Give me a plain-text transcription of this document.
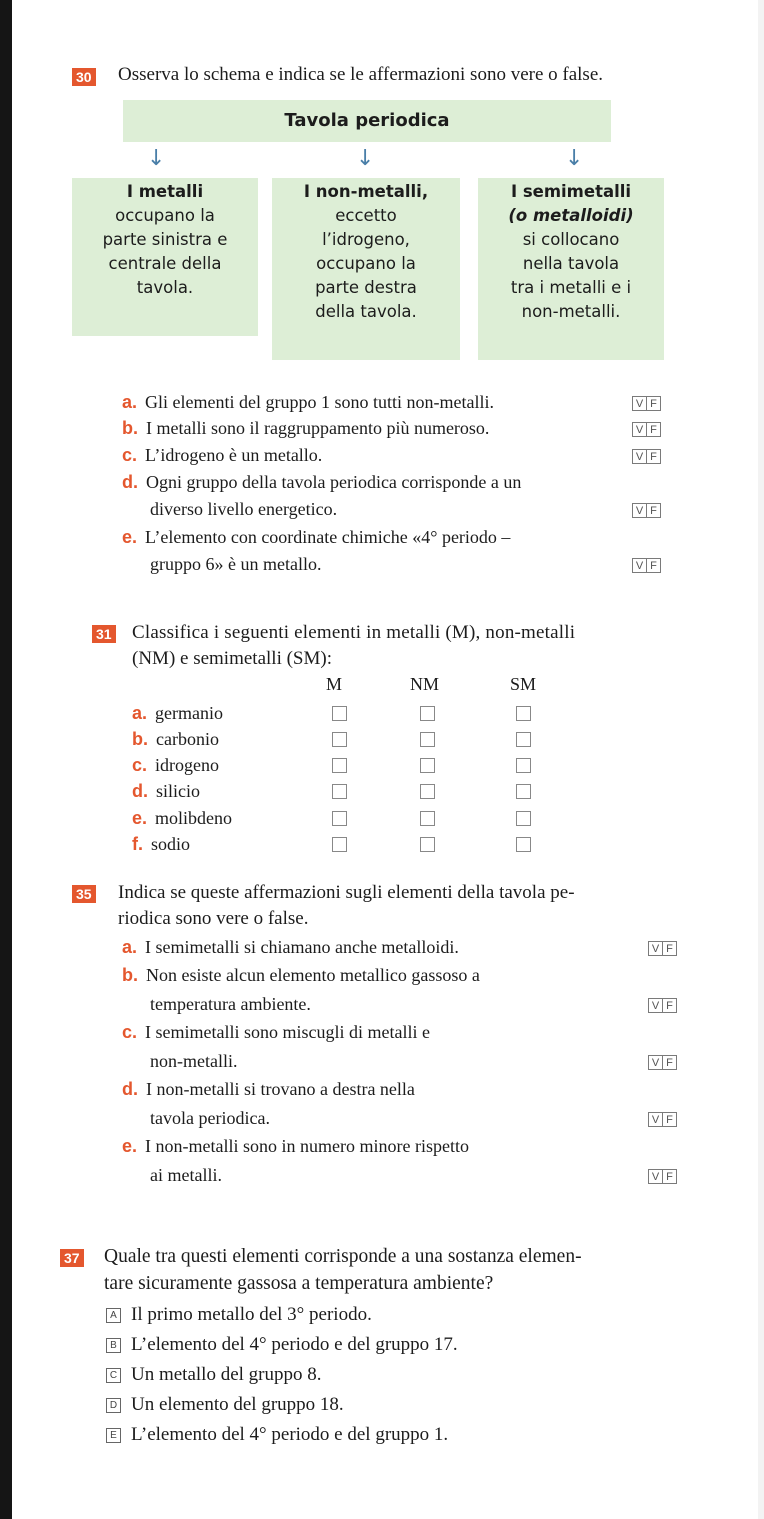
30 Osserva lo schema e indica se le affermazioni sono vere o false.
Tavola periodica
↓	↓	↓
I metalli
occupano la
parte sinistra e
centrale della
tavola.
I non-metalli,
eccetto
l’idrogeno,
occupano la
parte destra
della tavola.
I semimetalli
(o metalloidi)
si collocano
nella tavola
tra i metalli e i
non-metalli.
a. Gli elementi del gruppo 1 sono tutti non-metalli.	V F
b. I metalli sono il raggruppamento più numeroso.	V F
c. L’idrogeno è un metallo.	V F
d. Ogni gruppo della tavola periodica corrisponde a un
diverso livello energetico.	V F
e. L’elemento con coordinate chimiche «4° periodo –
gruppo 6» è un metallo.	V F
31 Classifica i seguenti elementi in metalli (M), non-metalli
(NM) e semimetalli (SM):
M	NM	SM
a. germanio
b. carbonio
c. idrogeno
d. silicio
e. molibdeno
f. sodio
35 Indica se queste affermazioni sugli elementi della tavola pe-
riodica sono vere o false.
a. I semimetalli si chiamano anche metalloidi.	V F
b. Non esiste alcun elemento metallico gassoso a
temperatura ambiente.	V F
c. I semimetalli sono miscugli di metalli e
non-metalli.	V F
d. I non-metalli si trovano a destra nella
tavola periodica.	V F
e. I non-metalli sono in numero minore rispetto
ai metalli.	V F
37 Quale tra questi elementi corrisponde a una sostanza elemen-
tare sicuramente gassosa a temperatura ambiente?
A Il primo metallo del 3° periodo.
B L’elemento del 4° periodo e del gruppo 17.
C Un metallo del gruppo 8.
D Un elemento del gruppo 18.
E L’elemento del 4° periodo e del gruppo 1.
